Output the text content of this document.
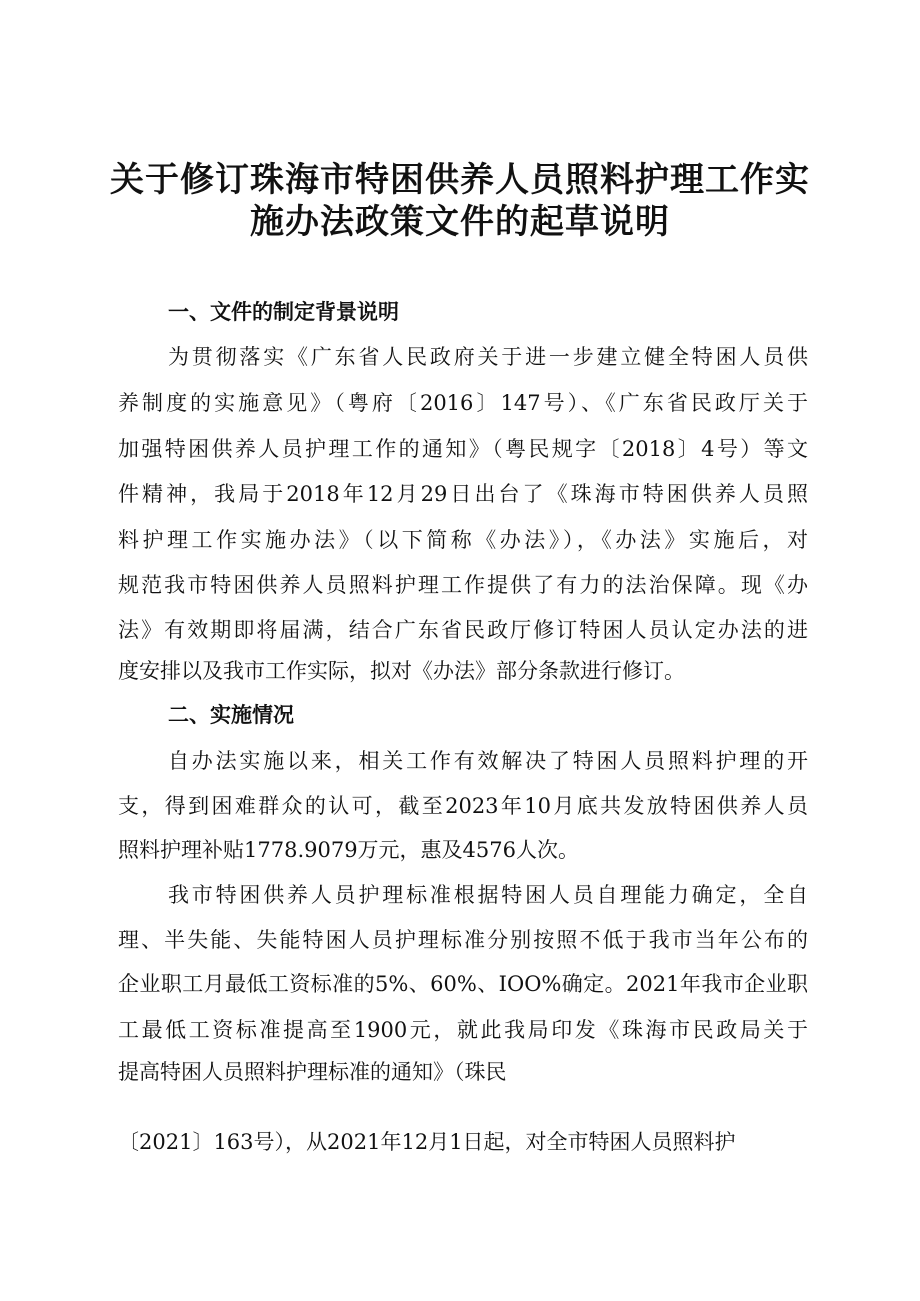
关于修订珠海市特困供养人员照料护理工作实
施办法政策文件的起草说明
一、文件的制定背景说明

为贯彻落实《广东省人民政府关于进一步建立健全特困人员供

养制度的实施意见》（粤府〔2016〕147号）、《广东省民政厅关于

加强特困供养人员护理工作的通知》（粤民规字〔2018〕4号）等文

件精神，我局于2018年12月29日出台了《珠海市特困供养人员照

料护理工作实施办法》（以下简称《办法》），《办法》实施后，对

规范我市特困供养人员照料护理工作提供了有力的法治保障。现《办

法》有效期即将届满，结合广东省民政厅修订特困人员认定办法的进

度安排以及我市工作实际，拟对《办法》部分条款进行修订。

二、实施情况

自办法实施以来，相关工作有效解决了特困人员照料护理的开

支，得到困难群众的认可，截至2023年10月底共发放特困供养人员

照料护理补贴1778.9079万元，惠及4576人次。

我市特困供养人员护理标准根据特困人员自理能力确定，全自

理、半失能、失能特困人员护理标准分别按照不低于我市当年公布的

企业职工月最低工资标准的5%、60%、IOO%确定。2021年我市企业职

工最低工资标准提高至1900元，就此我局印发《珠海市民政局关于

提高特困人员照料护理标准的通知》（珠民

〔2021〕163号），从2021年12月1日起，对全市特困人员照料护
